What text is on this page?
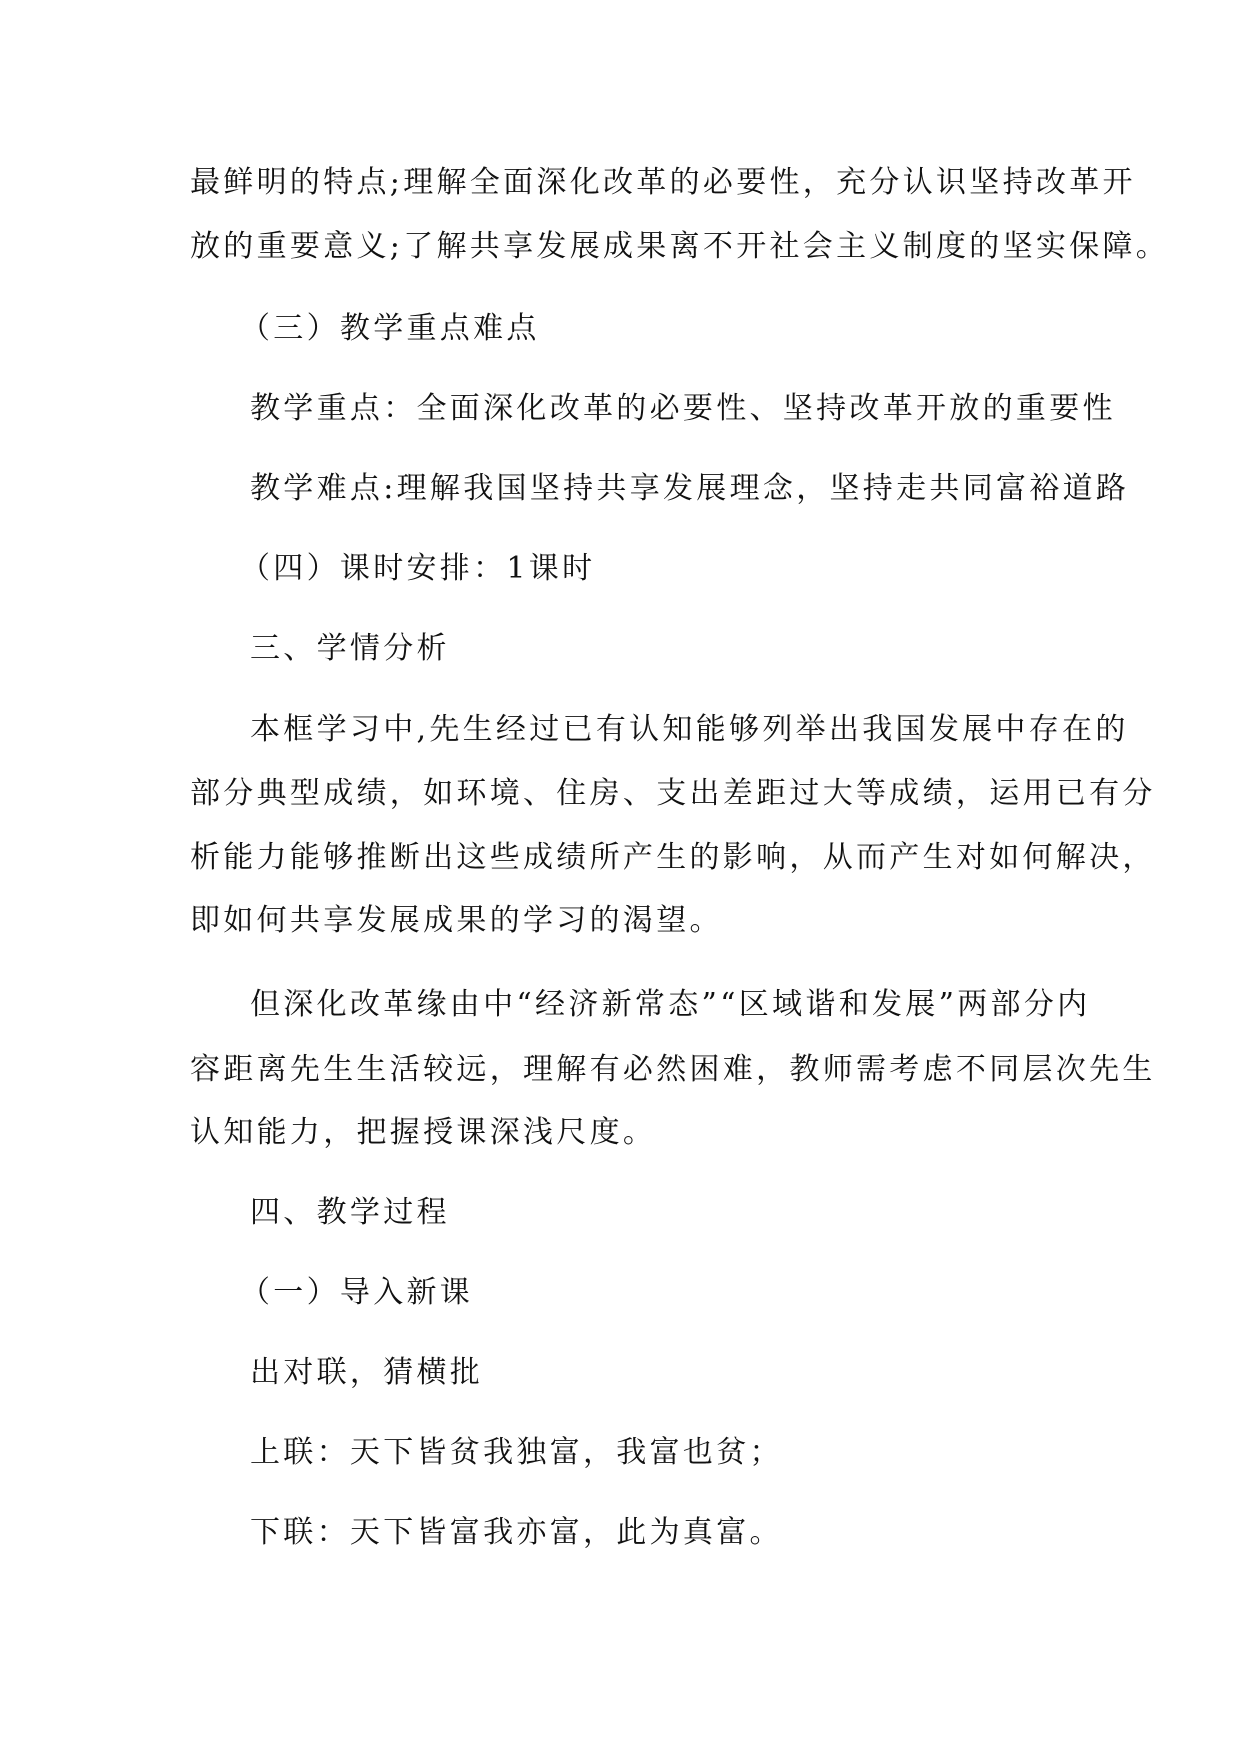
最鲜明的特点;理解全面深化改革的必要性，充分认识坚持改革开

放的重要意义;了解共享发展成果离不开社会主义制度的坚实保障。

（三）教学重点难点

教学重点：全面深化改革的必要性、坚持改革开放的重要性

教学难点:理解我国坚持共享发展理念，坚持走共同富裕道路

（四）课时安排：1课时

三、学情分析

本框学习中,先生经过已有认知能够列举出我国发展中存在的

部分典型成绩，如环境、住房、支出差距过大等成绩，运用已有分

析能力能够推断出这些成绩所产生的影响，从而产生对如何解决，

即如何共享发展成果的学习的渴望。

但深化改革缘由中“经济新常态”“区域谐和发展”两部分内

容距离先生生活较远，理解有必然困难，教师需考虑不同层次先生

认知能力，把握授课深浅尺度。

四、教学过程

（一）导入新课

出对联，猜横批

上联：天下皆贫我独富，我富也贫；

下联：天下皆富我亦富，此为真富。
